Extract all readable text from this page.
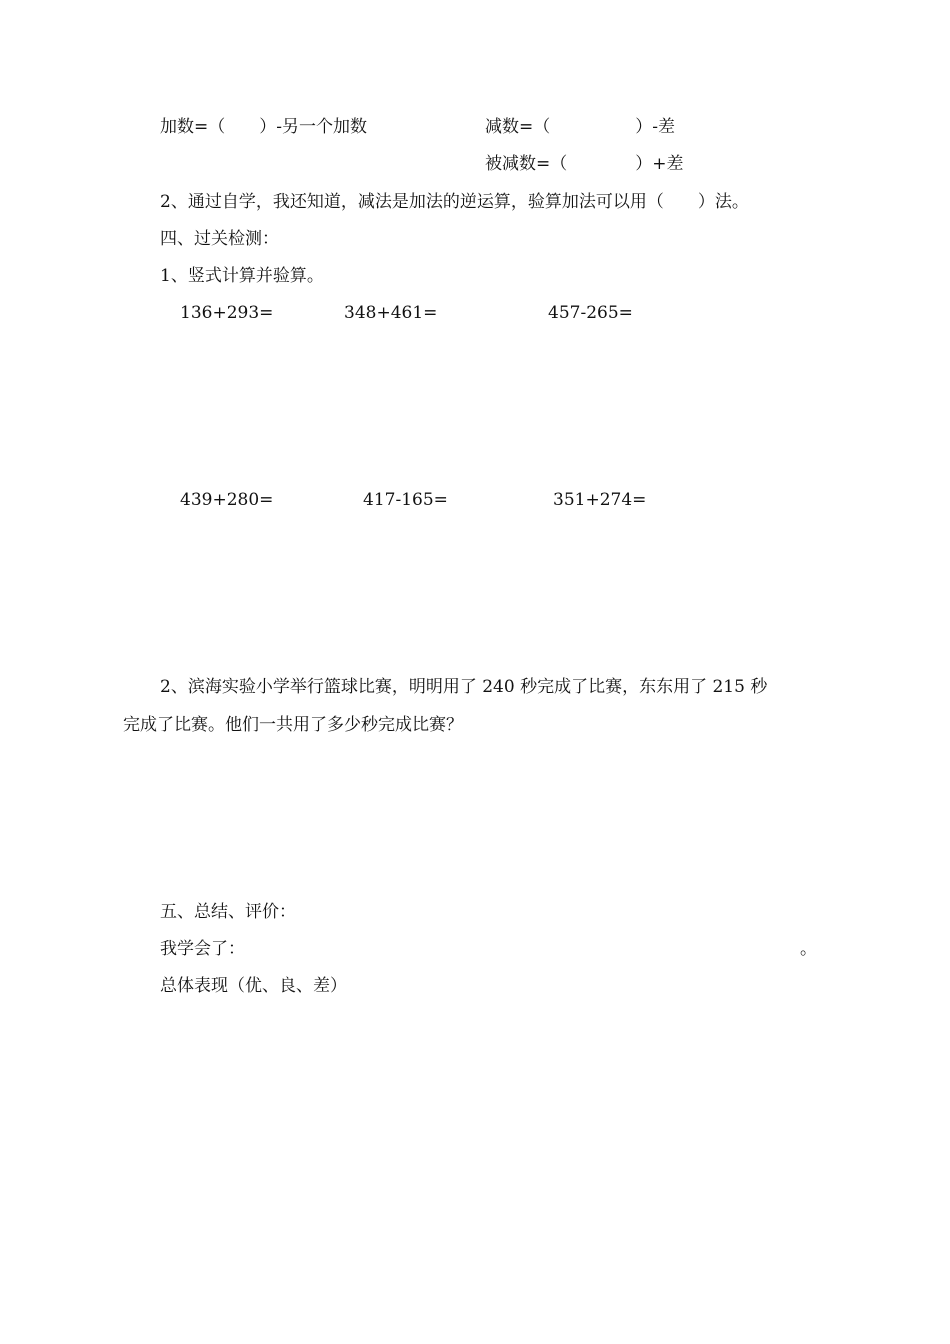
加数=（　　）-另一个加数	减数=（　　　　　）-差
被减数=（　　　　）+差
2、通过自学，我还知道，减法是加法的逆运算，验算加法可以用（　　）法。
四、过关检测：
1、竖式计算并验算。
136+293=	348+461=	457-265=
439+280=	417-165=	351+274=
2、滨海实验小学举行篮球比赛，明明用了 240 秒完成了比赛，东东用了 215 秒
完成了比赛。他们一共用了多少秒完成比赛？
五、总结、评价：
我学会了：	。
总体表现（优、良、差）
